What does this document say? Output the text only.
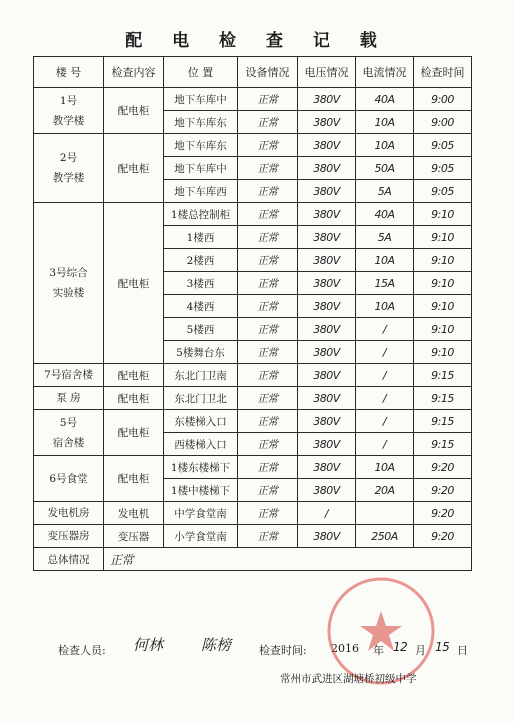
配 电 检 查 记 载
楼 号	检查内容	位 置	设备情况	电压情况	电流情况	检查时间

1号
教学楼	配电柜	地下车库中	正常	380V	40A	9:00
		地下车库东	正常	380V	10A	9:00

2号
教学楼	配电柜	地下车库东	正常	380V	10A	9:05
		地下车库中	正常	380V	50A	9:05
		地下车库西	正常	380V	5A	9:05

3号综合
实验楼	配电柜	1楼总控制柜	正常	380V	40A	9:10
		1楼西	正常	380V	5A	9:10
		2楼西	正常	380V	10A	9:10
		3楼西	正常	380V	15A	9:10
		4楼西	正常	380V	10A	9:10
		5楼西	正常	380V	/	9:10
		5楼舞台东	正常	380V	/	9:10

7号宿舍楼	配电柜	东北门卫南	正常	380V	/	9:15

泵 房	配电柜	东北门卫北	正常	380V	/	9:15

5号
宿舍楼	配电柜	东楼梯入口	正常	380V	/	9:15
		西楼梯入口	正常	380V	/	9:15

6号食堂	配电柜	1楼东楼梯下	正常	380V	10A	9:20
		1楼中楼梯下	正常	380V	20A	9:20

发电机房	发电机	中学食堂南	正常	/		9:20

变压器房	变压器	小学食堂南	正常	380V	250A	9:20
总体情况	正常					
检查人员: 何林	陈榜	检查时间: 2016 年 12 月 15 日
常州市武进区湖塘桥初级中学
